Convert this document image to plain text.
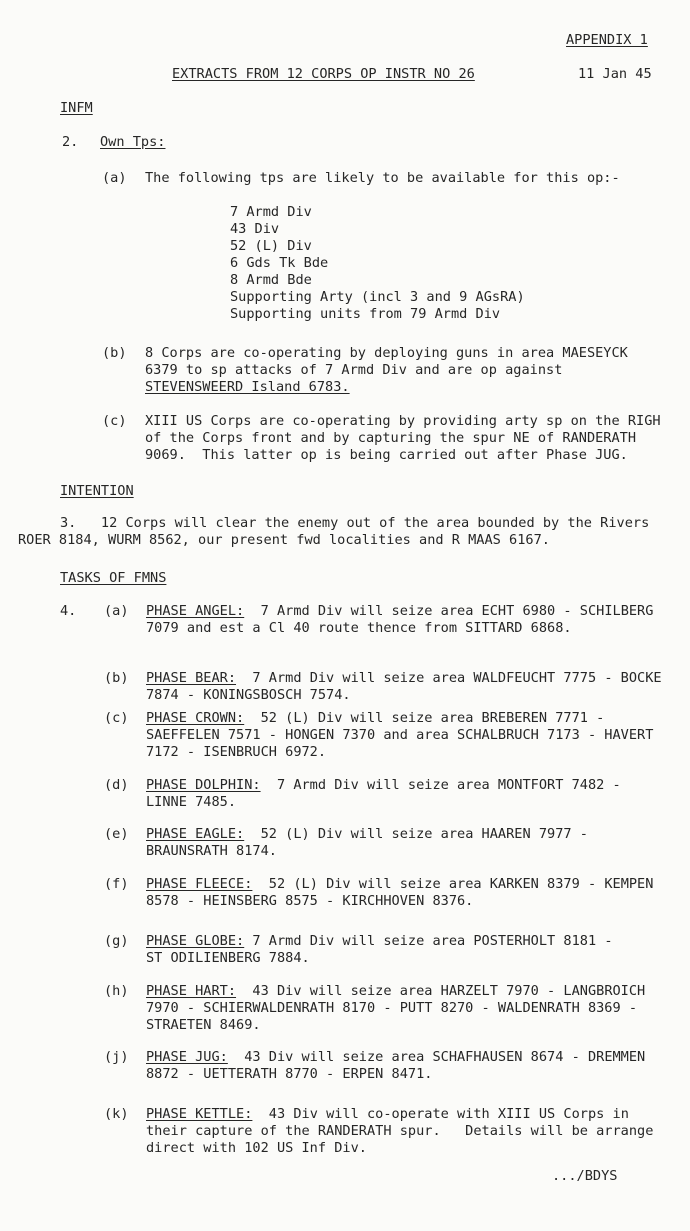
APPENDIX 1
EXTRACTS FROM 12 CORPS OP INSTR NO 26	11 Jan 45
INFM
2. Own Tps:
(a) The following tps are likely to be available for this op:-
7 Armd Div
43 Div
52 (L) Div
6 Gds Tk Bde
8 Armd Bde
Supporting Arty (incl 3 and 9 AGsRA)
Supporting units from 79 Armd Div
(b) 8 Corps are co-operating by deploying guns in area MAESEYCK
6379 to sp attacks of 7 Armd Div and are op against
STEVENSWEERD Island 6783.
(c) XIII US Corps are co-operating by providing arty sp on the RIGH
of the Corps front and by capturing the spur NE of RANDERATH
9069.  This latter op is being carried out after Phase JUG.
INTENTION
3.   12 Corps will clear the enemy out of the area bounded by the Rivers
ROER 8184, WURM 8562, our present fwd localities and R MAAS 6167.
TASKS OF FMNS
4. (a) PHASE ANGEL:  7 Armd Div will seize area ECHT 6980 - SCHILBERG
7079 and est a Cl 40 route thence from SITTARD 6868.
(b) PHASE BEAR:  7 Armd Div will seize area WALDFEUCHT 7775 - BOCKE
7874 - KONINGSBOSCH 7574.
(c) PHASE CROWN:  52 (L) Div will seize area BREBEREN 7771 -
SAEFFELEN 7571 - HONGEN 7370 and area SCHALBRUCH 7173 - HAVERT
7172 - ISENBRUCH 6972.
(d) PHASE DOLPHIN:  7 Armd Div will seize area MONTFORT 7482 -
LINNE 7485.
(e) PHASE EAGLE:  52 (L) Div will seize area HAAREN 7977 -
BRAUNSRATH 8174.
(f) PHASE FLEECE:  52 (L) Div will seize area KARKEN 8379 - KEMPEN
8578 - HEINSBERG 8575 - KIRCHHOVEN 8376.
(g) PHASE GLOBE: 7 Armd Div will seize area POSTERHOLT 8181 -
ST ODILIENBERG 7884.
(h) PHASE HART:  43 Div will seize area HARZELT 7970 - LANGBROICH
7970 - SCHIERWALDENRATH 8170 - PUTT 8270 - WALDENRATH 8369 -
STRAETEN 8469.
(j) PHASE JUG:  43 Div will seize area SCHAFHAUSEN 8674 - DREMMEN
8872 - UETTERATH 8770 - ERPEN 8471.
(k) PHASE KETTLE:  43 Div will co-operate with XIII US Corps in
their capture of the RANDERATH spur.   Details will be arrange
direct with 102 US Inf Div.
.../BDYS
